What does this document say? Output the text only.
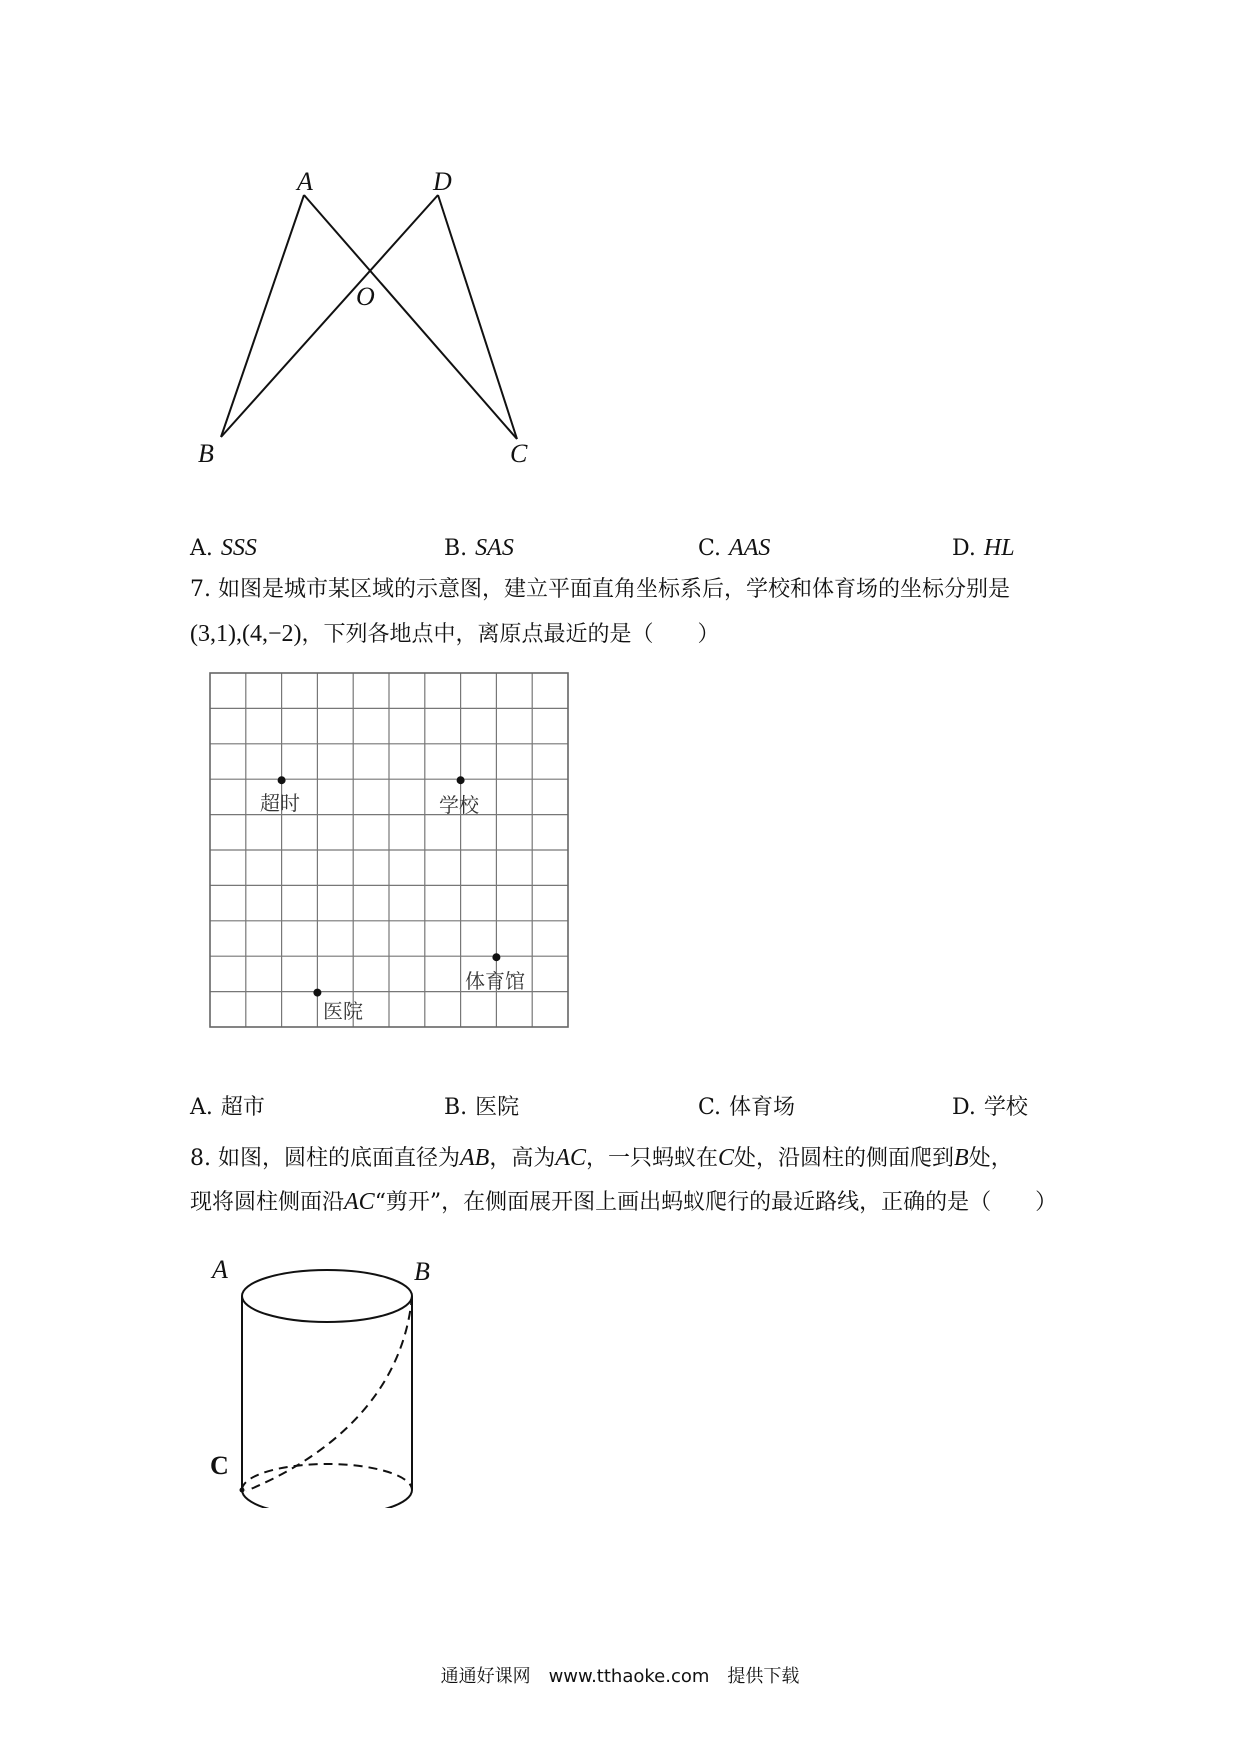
A	D
O
B	C
A. SSS	B. SAS	C. AAS	D. HL
7. 如图是城市某区域的示意图，建立平面直角坐标系后，学校和体育场的坐标分别是
(3,1),(4,−2)，下列各地点中，离原点最近的是（　　）
超时	学校
体育馆
医院
A. 超市	B. 医院	C. 体育场	D. 学校
8. 如图，圆柱的底面直径为AB，高为AC，一只蚂蚁在C处，沿圆柱的侧面爬到B处，
现将圆柱侧面沿AC“剪开”，在侧面展开图上画出蚂蚁爬行的最近路线，正确的是（　　）
A	B
C
通通好课网　www.tthaoke.com　提供下载
